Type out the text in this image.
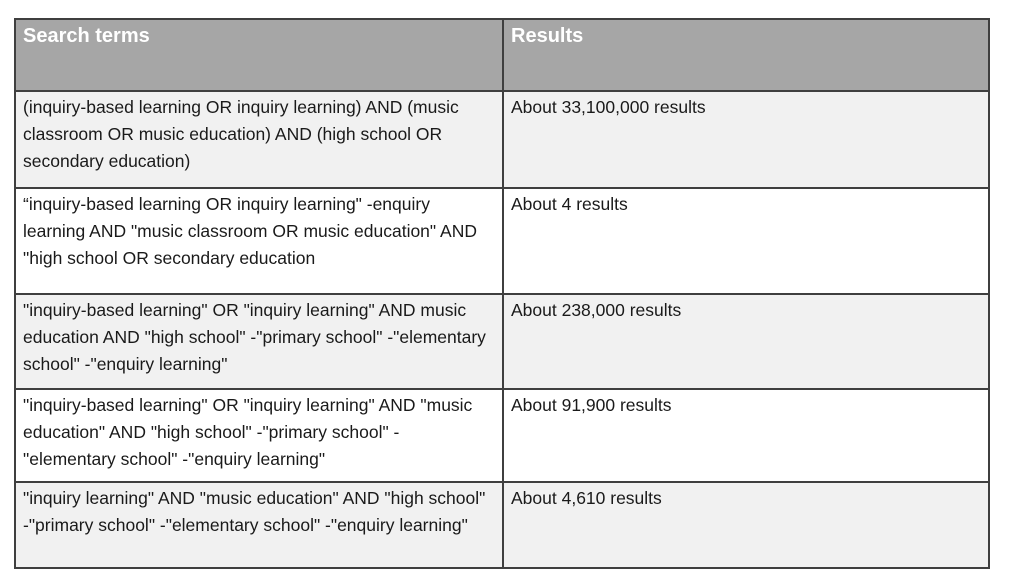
Search terms	Results
(inquiry-based learning OR inquiry learning) AND (music classroom OR music education) AND (high school OR secondary education)	About 33,100,000 results
“inquiry-based learning OR inquiry learning" -enquiry learning AND "music classroom OR music education" AND "high school OR secondary education	About 4 results
"inquiry-based learning" OR "inquiry learning" AND music education AND "high school" -"primary school" -"elementary school" -"enquiry learning"	About 238,000 results
"inquiry-based learning" OR "inquiry learning" AND "music education" AND "high school" -"primary school" -"elementary school" -"enquiry learning"	About 91,900 results
"inquiry learning" AND "music education" AND "high school" -"primary school" -"elementary school" -"enquiry learning"	About 4,610 results
